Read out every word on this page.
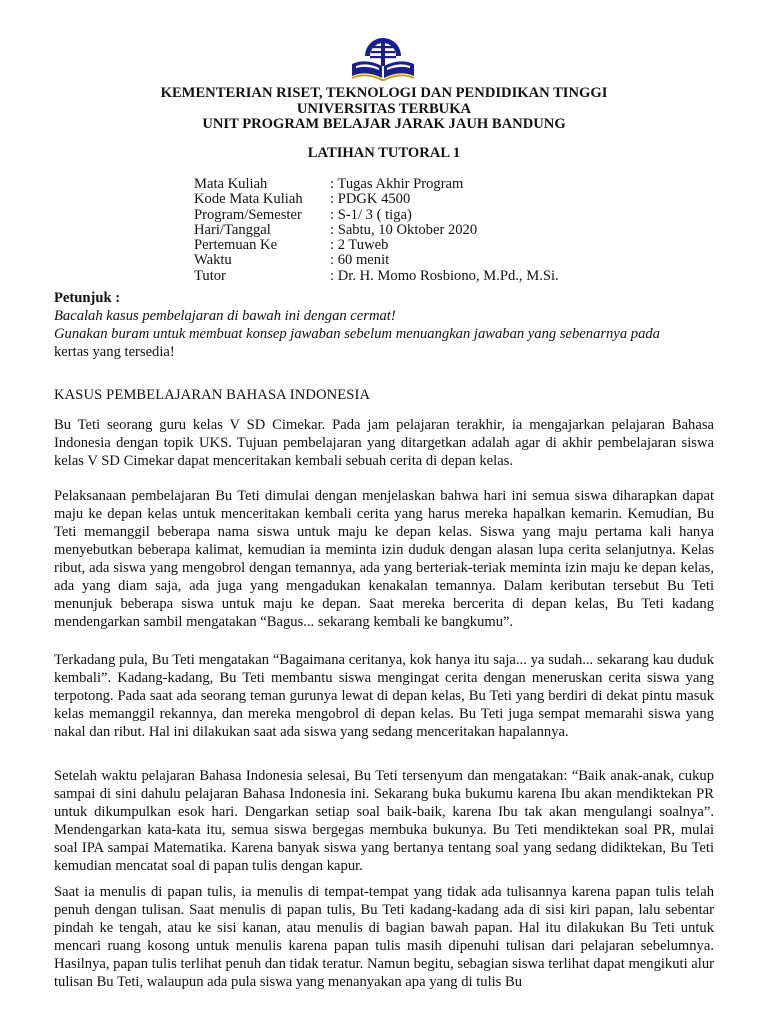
KEMENTERIAN RISET, TEKNOLOGI DAN PENDIDIKAN TINGGI
UNIVERSITAS TERBUKA
UNIT PROGRAM BELAJAR JARAK JAUH BANDUNG
LATIHAN TUTORAL 1
Mata Kuliah	: Tugas Akhir Program
Kode Mata Kuliah	: PDGK 4500
Program/Semester	: S-1/ 3 ( tiga)
Hari/Tanggal	: Sabtu, 10 Oktober 2020
Pertemuan Ke	: 2 Tuweb
Waktu	: 60 menit
Tutor	: Dr. H. Momo Rosbiono, M.Pd., M.Si.
Petunjuk :
Bacalah kasus pembelajaran di bawah ini dengan cermat!
Gunakan buram untuk membuat konsep jawaban sebelum menuangkan jawaban yang sebenarnya pada
kertas yang tersedia!
KASUS PEMBELAJARAN BAHASA INDONESIA
Bu Teti seorang guru kelas V SD Cimekar. Pada jam pelajaran terakhir, ia mengajarkan pelajaran Bahasa Indonesia dengan topik UKS. Tujuan pembelajaran yang ditargetkan adalah agar di akhir pembelajaran siswa kelas V SD Cimekar dapat menceritakan kembali sebuah cerita di depan kelas.
Pelaksanaan pembelajaran Bu Teti dimulai dengan menjelaskan bahwa hari ini semua siswa diharapkan dapat maju ke depan kelas untuk menceritakan kembali cerita yang harus mereka hapalkan kemarin. Kemudian, Bu Teti memanggil beberapa nama siswa untuk maju ke depan kelas. Siswa yang maju pertama kali hanya menyebutkan beberapa kalimat, kemudian ia meminta izin duduk dengan alasan lupa cerita selanjutnya. Kelas ribut, ada siswa yang mengobrol dengan temannya, ada yang berteriak-teriak meminta izin maju ke depan kelas, ada yang diam saja, ada juga yang mengadukan kenakalan temannya. Dalam keributan tersebut Bu Teti menunjuk beberapa siswa untuk maju ke depan. Saat mereka bercerita di depan kelas, Bu Teti kadang mendengarkan sambil mengatakan “Bagus... sekarang kembali ke bangkumu”.
Terkadang pula, Bu Teti mengatakan “Bagaimana ceritanya, kok hanya itu saja... ya sudah... sekarang kau duduk kembali”. Kadang-kadang, Bu Teti membantu siswa mengingat cerita dengan meneruskan cerita siswa yang terpotong. Pada saat ada seorang teman gurunya lewat di depan kelas, Bu Teti yang berdiri di dekat pintu masuk kelas memanggil rekannya, dan mereka mengobrol di depan kelas. Bu Teti juga sempat memarahi siswa yang nakal dan ribut. Hal ini dilakukan saat ada siswa yang sedang menceritakan hapalannya.
Setelah waktu pelajaran Bahasa Indonesia selesai, Bu Teti tersenyum dan mengatakan: “Baik anak-anak, cukup sampai di sini dahulu pelajaran Bahasa Indonesia ini. Sekarang buka bukumu karena Ibu akan mendiktekan PR untuk dikumpulkan esok hari. Dengarkan setiap soal baik-baik, karena Ibu tak akan mengulangi soalnya”. Mendengarkan kata-kata itu, semua siswa bergegas membuka bukunya. Bu Teti mendiktekan soal PR, mulai soal IPA sampai Matematika. Karena banyak siswa yang bertanya tentang soal yang sedang didiktekan, Bu Teti kemudian mencatat soal di papan tulis dengan kapur.
Saat ia menulis di papan tulis, ia menulis di tempat-tempat yang tidak ada tulisannya karena papan tulis telah penuh dengan tulisan. Saat menulis di papan tulis, Bu Teti kadang-kadang ada di sisi kiri papan, lalu sebentar pindah ke tengah, atau ke sisi kanan, atau menulis di bagian bawah papan. Hal itu dilakukan Bu Teti untuk mencari ruang kosong untuk menulis karena papan tulis masih dipenuhi tulisan dari pelajaran sebelumnya. Hasilnya, papan tulis terlihat penuh dan tidak teratur. Namun begitu, sebagian siswa terlihat dapat mengikuti alur tulisan Bu Teti, walaupun ada pula siswa yang menanyakan apa yang di tulis Bu
